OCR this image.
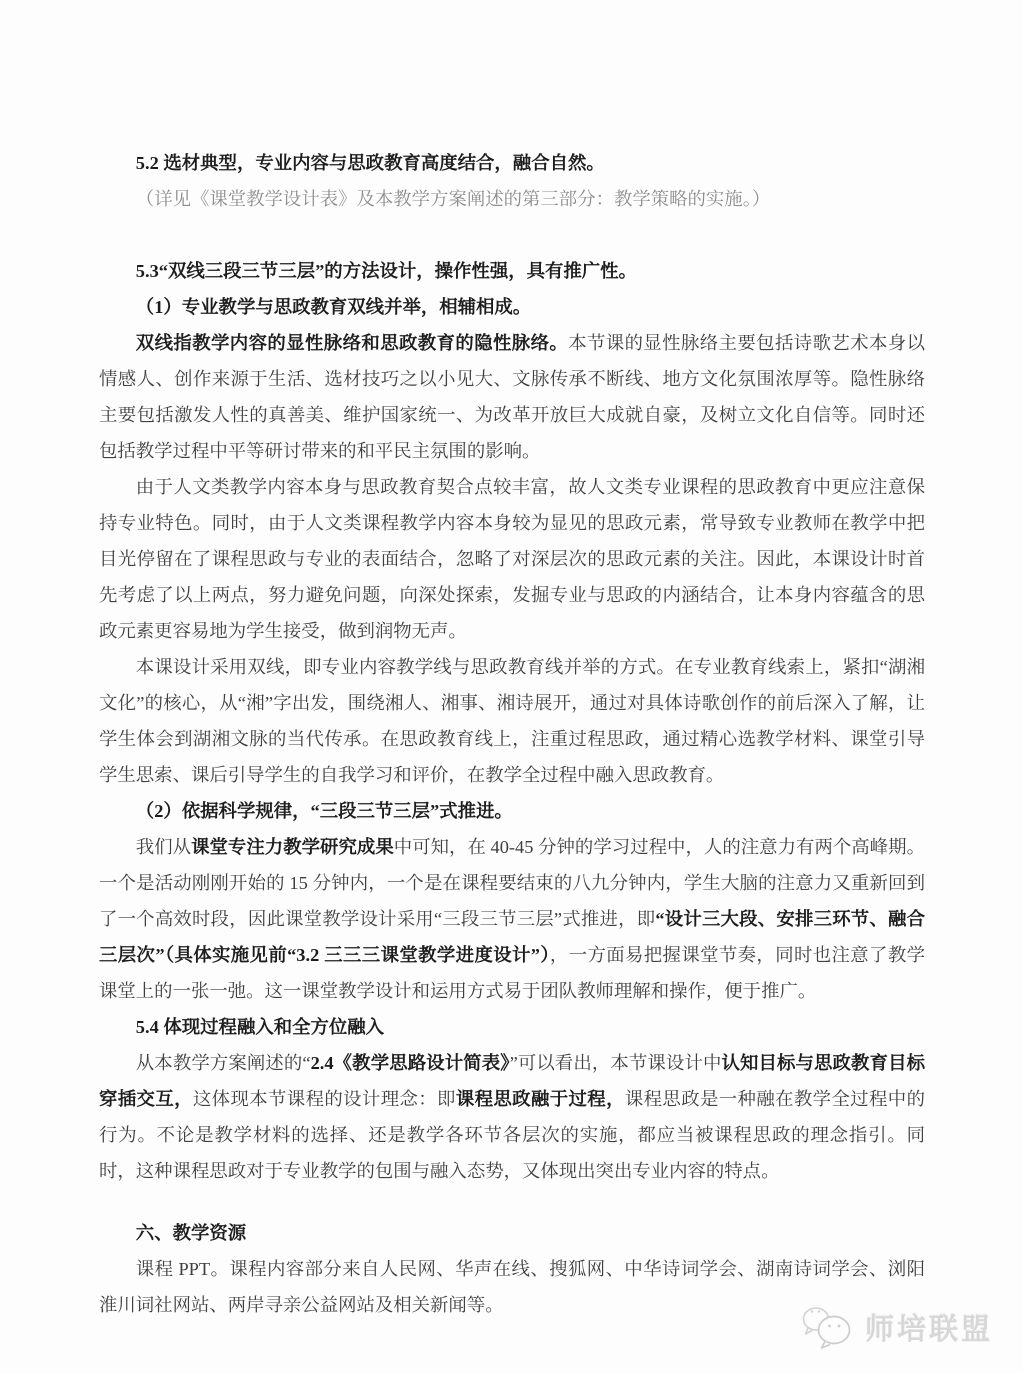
5.2 选材典型，专业内容与思政教育高度结合，融合自然。

（详见《课堂教学设计表》及本教学方案阐述的第三部分：教学策略的实施。）

5.3“双线三段三节三层”的方法设计，操作性强，具有推广性。

（1）专业教学与思政教育双线并举，相辅相成。

双线指教学内容的显性脉络和思政教育的隐性脉络。本节课的显性脉络主要包括诗歌艺术本身以情感人、创作来源于生活、选材技巧之以小见大、文脉传承不断线、地方文化氛围浓厚等。隐性脉络主要包括激发人性的真善美、维护国家统一、为改革开放巨大成就自豪，及树立文化自信等。同时还包括教学过程中平等研讨带来的和平民主氛围的影响。

由于人文类教学内容本身与思政教育契合点较丰富，故人文类专业课程的思政教育中更应注意保持专业特色。同时，由于人文类课程教学内容本身较为显见的思政元素，常导致专业教师在教学中把目光停留在了课程思政与专业的表面结合，忽略了对深层次的思政元素的关注。因此，本课设计时首先考虑了以上两点，努力避免问题，向深处探索，发掘专业与思政的内涵结合，让本身内容蕴含的思政元素更容易地为学生接受，做到润物无声。

本课设计采用双线，即专业内容教学线与思政教育线并举的方式。在专业教育线索上，紧扣“湖湘文化”的核心，从“湘”字出发，围绕湘人、湘事、湘诗展开，通过对具体诗歌创作的前后深入了解，让学生体会到湖湘文脉的当代传承。在思政教育线上，注重过程思政，通过精心选教学材料、课堂引导学生思索、课后引导学生的自我学习和评价，在教学全过程中融入思政教育。

（2）依据科学规律，“三段三节三层”式推进。

我们从课堂专注力教学研究成果中可知，在 40-45 分钟的学习过程中，人的注意力有两个高峰期。一个是活动刚刚开始的 15 分钟内，一个是在课程要结束的八九分钟内，学生大脑的注意力又重新回到了一个高效时段，因此课堂教学设计采用“三段三节三层”式推进，即“设计三大段、安排三环节、融合三层次”（具体实施见前“3.2 三三三课堂教学进度设计”），一方面易把握课堂节奏，同时也注意了教学课堂上的一张一弛。这一课堂教学设计和运用方式易于团队教师理解和操作，便于推广。

5.4 体现过程融入和全方位融入

从本教学方案阐述的“2.4《教学思路设计简表》”可以看出，本节课设计中认知目标与思政教育目标穿插交互，这体现本节课程的设计理念：即课程思政融于过程，课程思政是一种融在教学全过程中的行为。不论是教学材料的选择、还是教学各环节各层次的实施，都应当被课程思政的理念指引。同时，这种课程思政对于专业教学的包围与融入态势，又体现出突出专业内容的特点。

六、教学资源

课程 PPT。课程内容部分来自人民网、华声在线、搜狐网、中华诗词学会、湖南诗词学会、浏阳淮川词社网站、两岸寻亲公益网站及相关新闻等。

师培联盟
